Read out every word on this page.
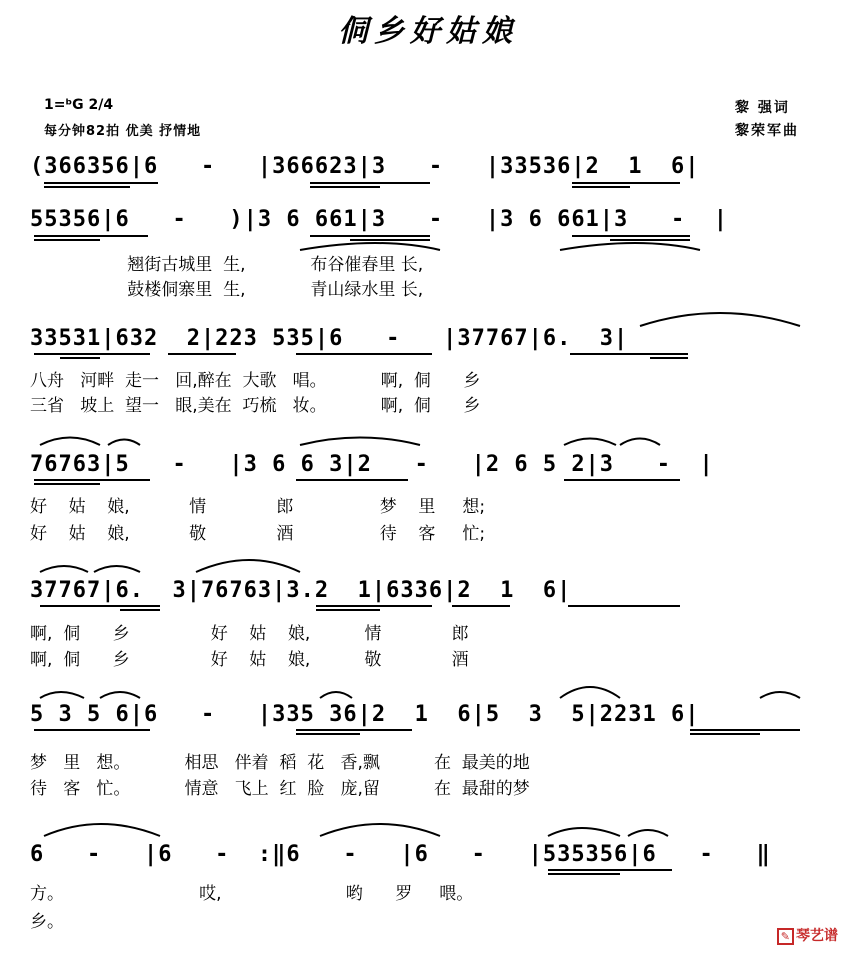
侗乡好姑娘
1=ᵇG 2/4
每分钟82拍 优美 抒情地
黎 强词
黎荣军曲
(366356|6   -   |366623|3   -   |33536|2  1  6|
55356|6   -   )|3 6 661|3   -   |3 6 661|3   -  |
翘街古城里  生,            布谷催春里 长,
鼓楼侗寨里  生,            青山绿水里 长,
33531|632  2|223 535|6   -   |37767|6.  3|
八舟   河畔  走一   回,醉在  大歌   唱。          啊,  侗      乡
三省   坡上  望一   眼,美在  巧梳   妆。          啊,  侗      乡
76763|5   -   |3 6 6 3|2   -   |2 6 5 2|3   -  |
好    姑    娘,           情             郎                梦    里     想;
好    姑    娘,           敬             酒                待    客     忙;
37767|6.  3|76763|3.2  1|6336|2  1  6|
啊,  侗      乡               好    姑    娘,          情             郎
啊,  侗      乡               好    姑    娘,          敬             酒
5 3 5 6|6   -   |335 36|2  1  6|5  3  5|2231 6|
梦   里   想。          相思   伴着  稻  花   香,飘          在  最美的地
待   客   忙。          情意   飞上  红  脸   庞,留          在  最甜的梦
6   -   |6   -  :‖6   -   |6   -   |535356|6   -   ‖
方。                         哎,                       哟      罗     喂。
乡。
✎ 琴艺谱
